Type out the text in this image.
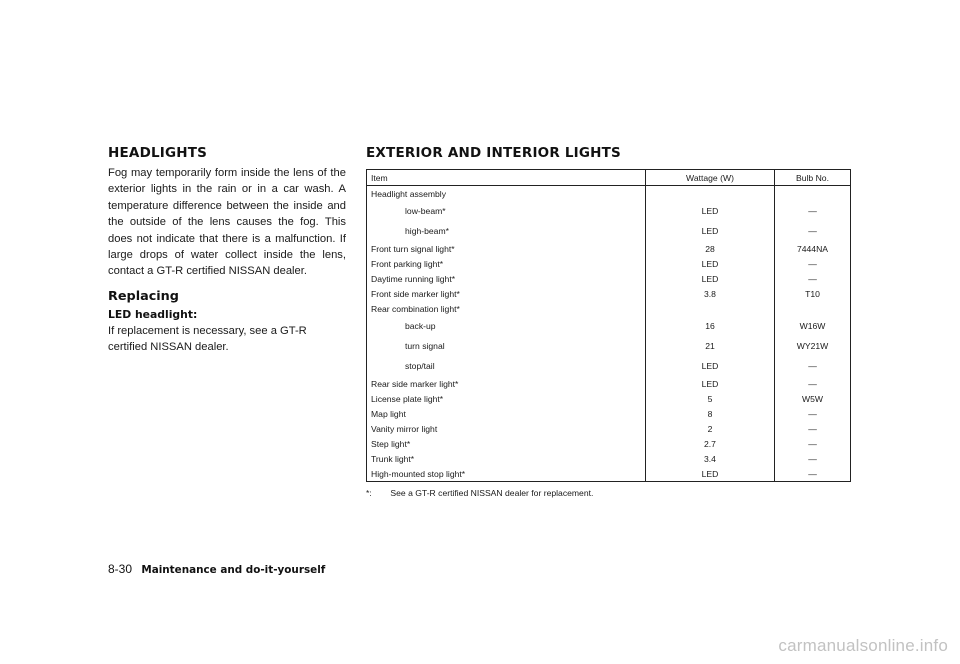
HEADLIGHTS	EXTERIOR AND INTERIOR LIGHTS

Fog may temporarily form inside the lens of the exterior lights in the rain or in a car wash. A temperature difference between the inside and the outside of the lens causes the fog. This does not indicate that there is a malfunction. If large drops of water collect inside the lens, contact a GT-R certified NISSAN dealer.

Replacing
LED headlight:

If replacement is necessary, see a GT-R certified NISSAN dealer.

Item	Wattage (W)	Bulb No.
Headlight assembly		
low-beam*	LED	—
high-beam*	LED	—
Front turn signal light*	28	7444NA
Front parking light*	LED	—
Daytime running light*	LED	—
Front side marker light*	3.8	T10
Rear combination light*		
back-up	16	W16W
turn signal	21	WY21W
stop/tail	LED	—
Rear side marker light*	LED	—
License plate light*	5	W5W
Map light	8	—
Vanity mirror light	2	—
Step light*	2.7	—
Trunk light*	3.4	—
High-mounted stop light*	LED	—
*: See a GT-R certified NISSAN dealer for replacement.
8-30 Maintenance and do-it-yourself
carmanualsonline.info
